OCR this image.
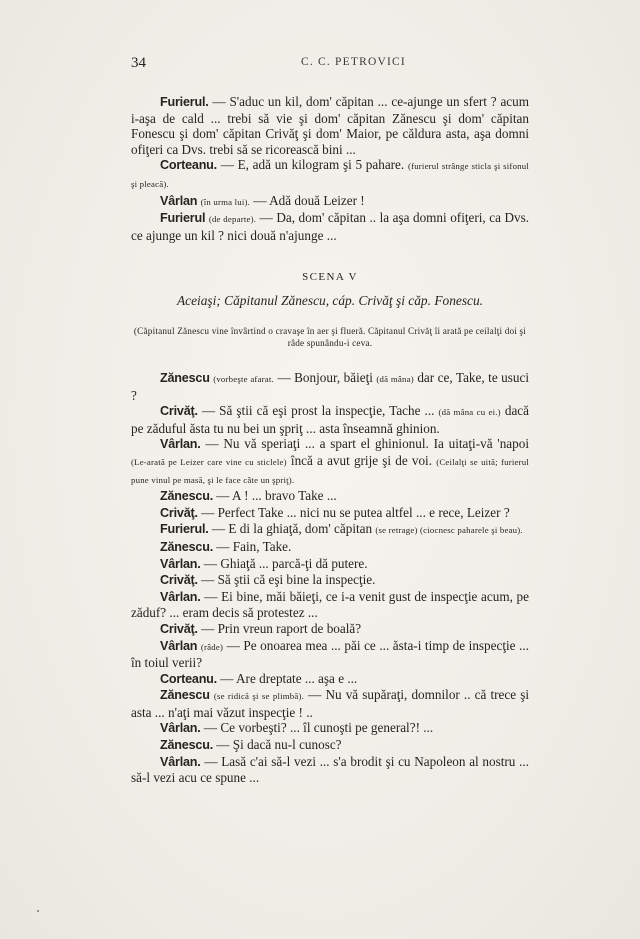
34	C. C. PETROVICI

Furierul. — S'aduc un kil, dom' căpitan ... ce-ajunge un sfert ? acum i-aşa de cald ... trebi să vie şi dom' căpitan Zănescu şi dom' căpitan Fonescu şi dom' căpitan Crivăţ şi dom' Maior, pe căldura asta, aşa domni ofiţeri ca Dvs. trebi să se ricorească bini ...

Corteanu. — E, adă un kilogram şi 5 pahare. (furierul strânge sticla şi sifonul şi pleacă).

Vârlan (în urma lui). — Adă două Leizer !

Furierul (de departe). — Da, dom' căpitan .. la aşa domni ofiţeri, ca Dvs. ce ajunge un kil ? nici două n'ajunge ...

SCENA V
Aceiaşi; Căpitanul Zănescu, cáp. Crivăţ şi căp. Fonescu.
(Căpitanul Zănescu vine învârtind o cravaşe în aer şi flueră. Căpitanul Crivăţ îi arată pe ceilalţi doi şi râde spunându-i ceva.

Zănescu (vorbeşte afarat. — Bonjour, băieţi (dă mâna) dar ce, Take, te usuci ?

Crivăţ. — Să ştii că eşi prost la inspecţie, Tache ... (dă mâna cu ei.) dacă pe zăduful ăsta tu nu bei un şpriţ ... asta înseamnă ghinion.

Vârlan. — Nu vă speriaţi ... a spart el ghinionul. Ia uitaţi-vă 'napoi (Le-arată pe Leizer care vine cu sticlele) încă a avut grije şi de voi. (Ceilalţi se uită; furierul pune vinul pe masă, şi le face câte un şpriţ).

Zănescu. — A ! ... bravo Take ...

Crivăţ. — Perfect Take ... nici nu se putea altfel ... e rece, Leizer ?

Furierul. — E di la ghiaţă, dom' căpitan (se retrage) (ciocnesc paharele şi beau).

Zănescu. — Fain, Take.

Vârlan. — Ghiaţă ... parcă-ţi dă putere.

Crivăţ. — Să ştii că eşi bine la inspecţie.

Vârlan. — Ei bine, măi băieţi, ce i-a venit gust de inspecţie acum, pe zăduf? ... eram decis să protestez ...

Crivăţ. — Prin vreun raport de boală?

Vârlan (râde) — Pe onoarea mea ... păi ce ... ăsta-i timp de inspecţie ... în toiul verii?

Corteanu. — Are dreptate ... aşa e ...

Zănescu (se ridică şi se plimbă). — Nu vă supăraţi, domnilor .. că trece şi asta ... n'aţi mai văzut inspecţie ! ..

Vârlan. — Ce vorbeşti? ... îl cunoşti pe general?! ...

Zănescu. — Şi dacă nu-l cunosc?

Vârlan. — Lasă c'ai să-l vezi ... s'a brodit şi cu Napoleon al nostru ... să-l vezi acu ce spune ...
